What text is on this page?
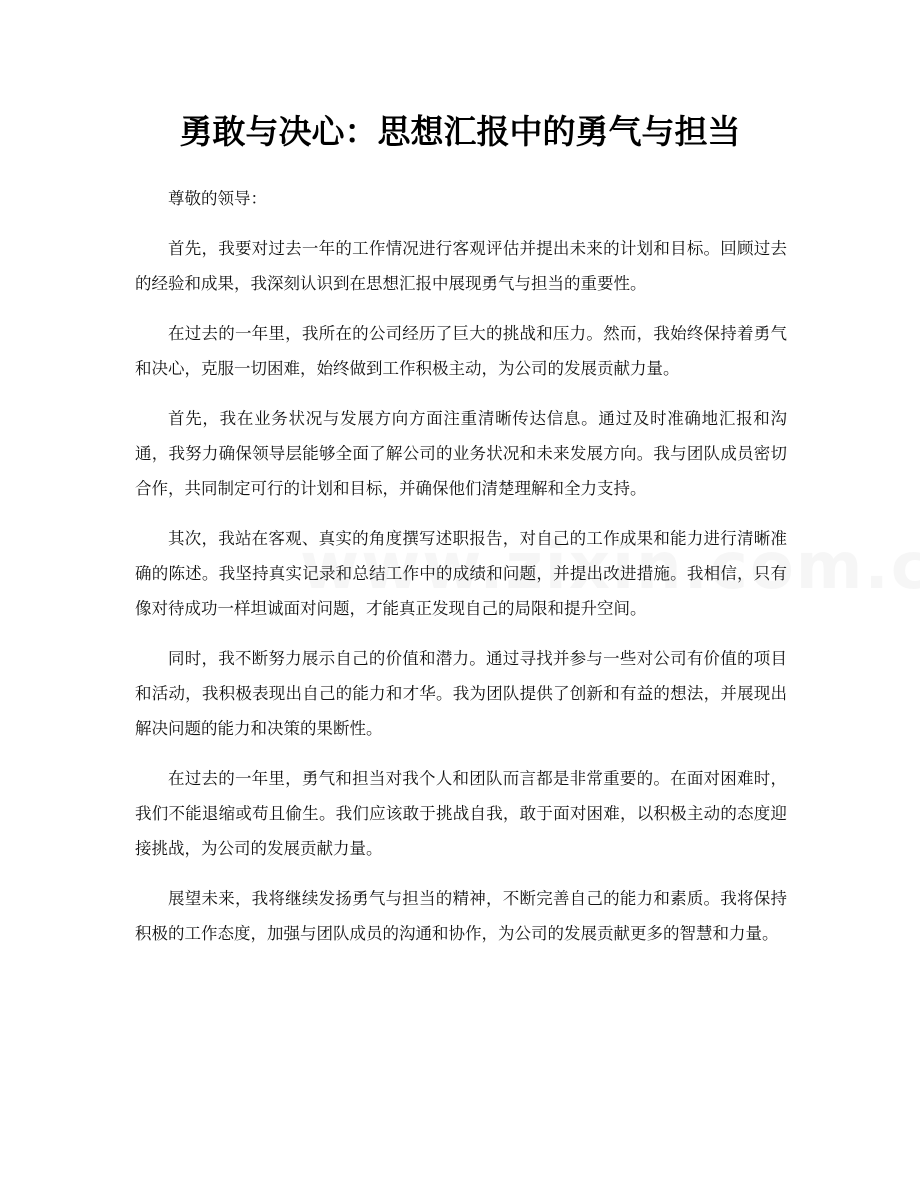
勇敢与决心：思想汇报中的勇气与担当

尊敬的领导：

首先，我要对过去一年的工作情况进行客观评估并提出未来的计划和目标。回顾过去的经验和成果，我深刻认识到在思想汇报中展现勇气与担当的重要性。

在过去的一年里，我所在的公司经历了巨大的挑战和压力。然而，我始终保持着勇气和决心，克服一切困难，始终做到工作积极主动，为公司的发展贡献力量。

首先，我在业务状况与发展方向方面注重清晰传达信息。通过及时准确地汇报和沟通，我努力确保领导层能够全面了解公司的业务状况和未来发展方向。我与团队成员密切合作，共同制定可行的计划和目标，并确保他们清楚理解和全力支持。

其次，我站在客观、真实的角度撰写述职报告，对自己的工作成果和能力进行清晰准确的陈述。我坚持真实记录和总结工作中的成绩和问题，并提出改进措施。我相信，只有像对待成功一样坦诚面对问题，才能真正发现自己的局限和提升空间。

同时，我不断努力展示自己的价值和潜力。通过寻找并参与一些对公司有价值的项目和活动，我积极表现出自己的能力和才华。我为团队提供了创新和有益的想法，并展现出解决问题的能力和决策的果断性。

在过去的一年里，勇气和担当对我个人和团队而言都是非常重要的。在面对困难时，我们不能退缩或苟且偷生。我们应该敢于挑战自我，敢于面对困难，以积极主动的态度迎接挑战，为公司的发展贡献力量。

展望未来，我将继续发扬勇气与担当的精神，不断完善自己的能力和素质。我将保持积极的工作态度，加强与团队成员的沟通和协作，为公司的发展贡献更多的智慧和力量。
